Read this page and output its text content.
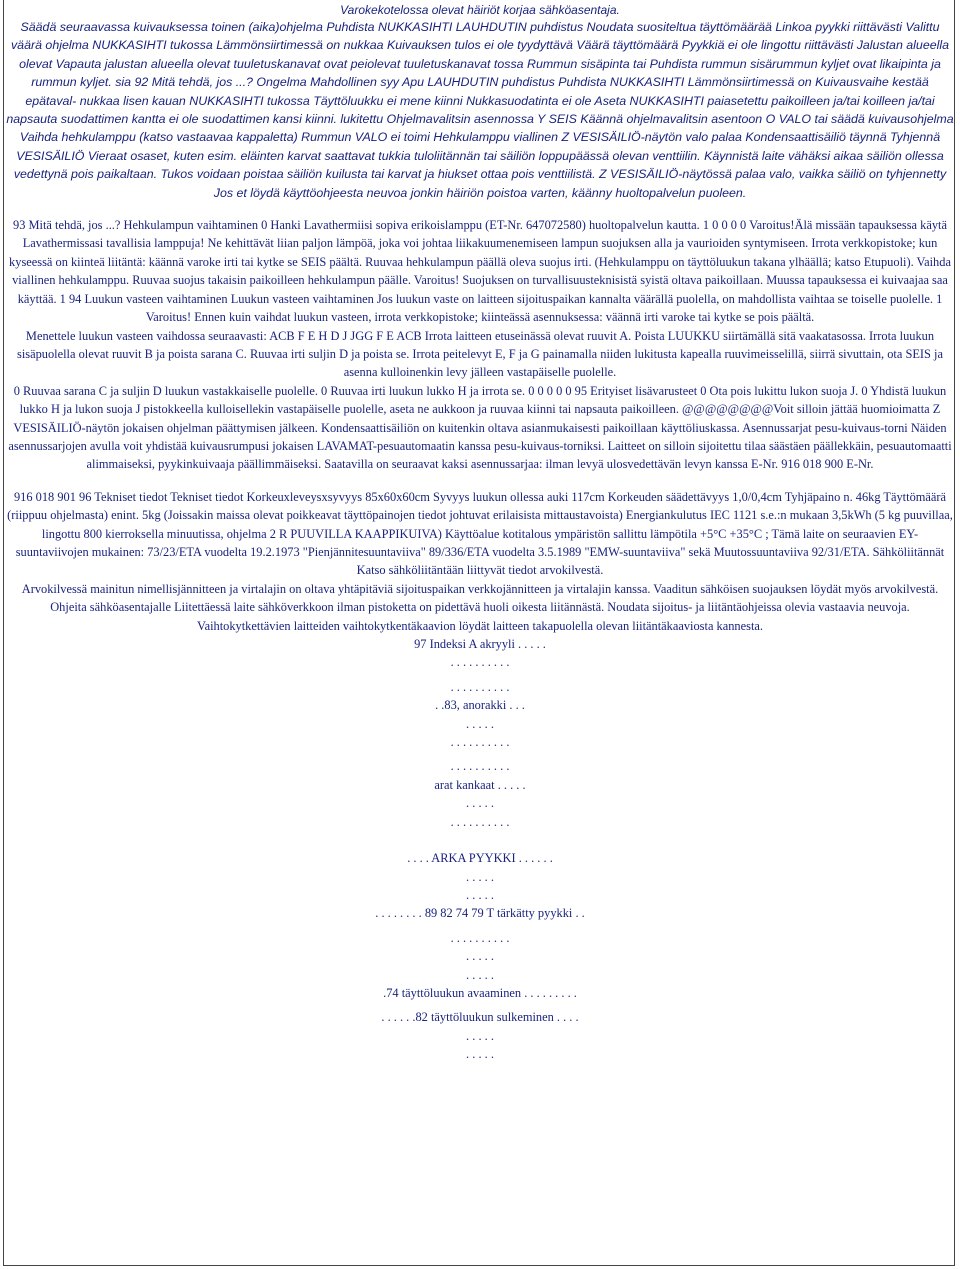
Varokekotelossa olevat häiriöt korjaa sähköasentaja.

Säädä seuraavassa kuivauksessa toinen (aika)ohjelma Puhdista NUKKASIHTI LAUHDUTIN puhdistus Noudata suositeltua täyttömäärää Linkoa pyykki riittävästi Valittu väärä ohjelma NUKKASIHTI tukossa Lämmönsiirtimessä on nukkaa Kuivauksen tulos ei ole tyydyttävä Väärä täyttömäärä Pyykkiä ei ole lingottu riittävästi Jalustan alueella olevat Vapauta jalustan alueella olevat tuuletuskanavat ovat peiolevat tuuletuskanavat tossa Rummun sisäpinta tai Puhdista rummun sisärummun kyljet ovat likaipinta ja rummun kyljet. sia 92 Mitä tehdä, jos ...? Ongelma Mahdollinen syy Apu LAUHDUTIN puhdistus Puhdista NUKKASIHTI Lämmönsiirtimessä on Kuivausvaihe kestää epätaval- nukkaa lisen kauan NUKKASIHTI tukossa Täyttöluukku ei mene kiinni Nukkasuodatinta ei ole Aseta NUKKASIHTI paiasetettu paikoilleen ja/tai koilleen ja/tai napsauta suodattimen kantta ei ole suodattimen kansi kiinni. lukitettu Ohjelmavalitsin asennossa Y SEIS Käännä ohjelmavalitsin asentoon O VALO tai säädä kuivausohjelma Vaihda hehkulamppu (katso vastaavaa kappaletta) Rummun VALO ei toimi Hehkulamppu viallinen Z VESISÄILIÖ-näytön valo palaa Kondensaattisäiliö täynnä Tyhjennä VESISÄILIÖ Vieraat osaset, kuten esim. eläinten karvat saattavat tukkia tuloliitännän tai säiliön loppupäässä olevan venttiilin. Käynnistä laite vähäksi aikaa säiliön ollessa vedettynä pois paikaltaan. Tukos voidaan poistaa säiliön kuilusta tai karvat ja hiukset ottaa pois venttiilistä. Z VESISÄILIÖ-näytössä palaa valo, vaikka säiliö on tyhjennetty Jos et löydä käyttöohjeesta neuvoa jonkin häiriön poistoa varten, käänny huoltopalvelun puoleen.

93 Mitä tehdä, jos ...? Hehkulampun vaihtaminen 0 Hanki Lavathermiisi sopiva erikoislamppu (ET-Nr. 647072580) huoltopalvelun kautta. 1 0 0 0 0 Varoitus!Älä missään tapauksessa käytä Lavathermissasi tavallisia lamppuja! Ne kehittävät liian paljon lämpöä, joka voi johtaa liikakuumenemiseen lampun suojuksen alla ja vaurioiden syntymiseen. Irrota verkkopistoke; kun kyseessä on kiinteä liitäntä: käännä varoke irti tai kytke se SEIS päältä. Ruuvaa hehkulampun päällä oleva suojus irti. (Hehkulamppu on täyttöluukun takana ylhäällä; katso Etupuoli). Vaihda viallinen hehkulamppu. Ruuvaa suojus takaisin paikoilleen hehkulampun päälle. Varoitus! Suojuksen on turvallisuusteknisistä syistä oltava paikoillaan. Muussa tapauksessa ei kuivaajaa saa käyttää. 1 94 Luukun vasteen vaihtaminen Luukun vasteen vaihtaminen Jos luukun vaste on laitteen sijoituspaikan kannalta väärällä puolella, on mahdollista vaihtaa se toiselle puolelle. 1 Varoitus! Ennen kuin vaihdat luukun vasteen, irrota verkkopistoke; kiinteässä asennuksessa: väännä irti varoke tai kytke se pois päältä.

Menettele luukun vasteen vaihdossa seuraavasti: ACB F E H D J JGG F E ACB Irrota laitteen etuseinässä olevat ruuvit A. Poista LUUKKU siirtämällä sitä vaakatasossa. Irrota luukun sisäpuolella olevat ruuvit B ja poista sarana C. Ruuvaa irti suljin D ja poista se. Irrota peitelevyt E, F ja G painamalla niiden lukitusta kapealla ruuvimeisselillä, siirrä sivuttain, ota SEIS ja asenna kulloinenkin levy jälleen vastapäiselle puolelle.

0 Ruuvaa sarana C ja suljin D luukun vastakkaiselle puolelle. 0 Ruuvaa irti luukun lukko H ja irrota se. 0 0 0 0 0 95 Erityiset lisävarusteet 0 Ota pois lukittu lukon suoja J. 0 Yhdistä luukun lukko H ja lukon suoja J pistokkeella kulloisellekin vastapäiselle puolelle, aseta ne aukkoon ja ruuvaa kiinni tai napsauta paikoilleen. @@@@@@@@Voit silloin jättää huomioimatta Z VESISÄILIÖ-näytön jokaisen ohjelman päättymisen jälkeen. Kondensaattisäiliön on kuitenkin oltava asianmukaisesti paikoillaan käyttöliuskassa. Asennussarjat pesu-kuivaus-torni Näiden asennussarjojen avulla voit yhdistää kuivausrumpusi jokaisen LAVAMAT-pesuautomaatin kanssa pesu-kuivaus-torniksi. Laitteet on silloin sijoitettu tilaa säästäen päällekkäin, pesuautomaatti alimmaiseksi, pyykinkuivaaja päällimmäiseksi. Saatavilla on seuraavat kaksi asennussarjaa: ilman levyä ulosvedettävän levyn kanssa E-Nr. 916 018 900 E-Nr.

916 018 901 96 Tekniset tiedot Tekniset tiedot Korkeuxleveysxsyvyys 85x60x60cm Syvyys luukun ollessa auki 117cm Korkeuden säädettävyys 1,0/0,4cm Tyhjäpaino n. 46kg Täyttömäärä (riippuu ohjelmasta) enint. 5kg (Joissakin maissa olevat poikkeavat täyttöpainojen tiedot johtuvat erilaisista mittaustavoista) Energiankulutus IEC 1121 s.e.:n mukaan 3,5kWh (5 kg puuvillaa, lingottu 800 kierroksella minuutissa, ohjelma 2 R PUUVILLA KAAPPIKUIVA) Käyttöalue kotitalous ympäristön sallittu lämpötila +5°C +35°C ; Tämä laite on seuraavien EY-suuntaviivojen mukainen: 73/23/ETA vuodelta 19.2.1973 "Pienjännitesuuntaviiva" 89/336/ETA vuodelta 3.5.1989 "EMW-suuntaviiva" sekä Muutossuuntaviiva 92/31/ETA. Sähköliitännät Katso sähköliitäntään liittyvät tiedot arvokilvestä.

Arvokilvessä mainitun nimellisjännitteen ja virtalajin on oltava yhtäpitäviä sijoituspaikan verkkojännitteen ja virtalajin kanssa. Vaaditun sähköisen suojauksen löydät myös arvokilvestä. Ohjeita sähköasentajalle Liitettäessä laite sähköverkkoon ilman pistoketta on pidettävä huoli oikesta liitännästä. Noudata sijoitus- ja liitäntäohjeissa olevia vastaavia neuvoja. Vaihtokytkettävien laitteiden vaihtokytkentäkaavion löydät laitteen takapuolella olevan liitäntäkaaviosta kannesta.

97 Indeksi A akryyli . . . . .

. . . . . . . . . .

. . . . . . . . . .

. .83, anorakki . . .

. . . . .

. . . . . . . . . .

. . . . . . . . . .

arat kankaat . . . . .

. . . . .

. . . . . . . . . .

. . . . ARKA PYYKKI . . . . . .

. . . . .

. . . . .

. . . . . . . . 89 82 74 79 T tärkätty pyykki . .

. . . . . . . . . .

. . . . .

. . . . .

.74 täyttöluukun avaaminen . . . . . . . . .

. . . . . .82 täyttöluukun sulkeminen . . . .

. . . . .

. . . . .
